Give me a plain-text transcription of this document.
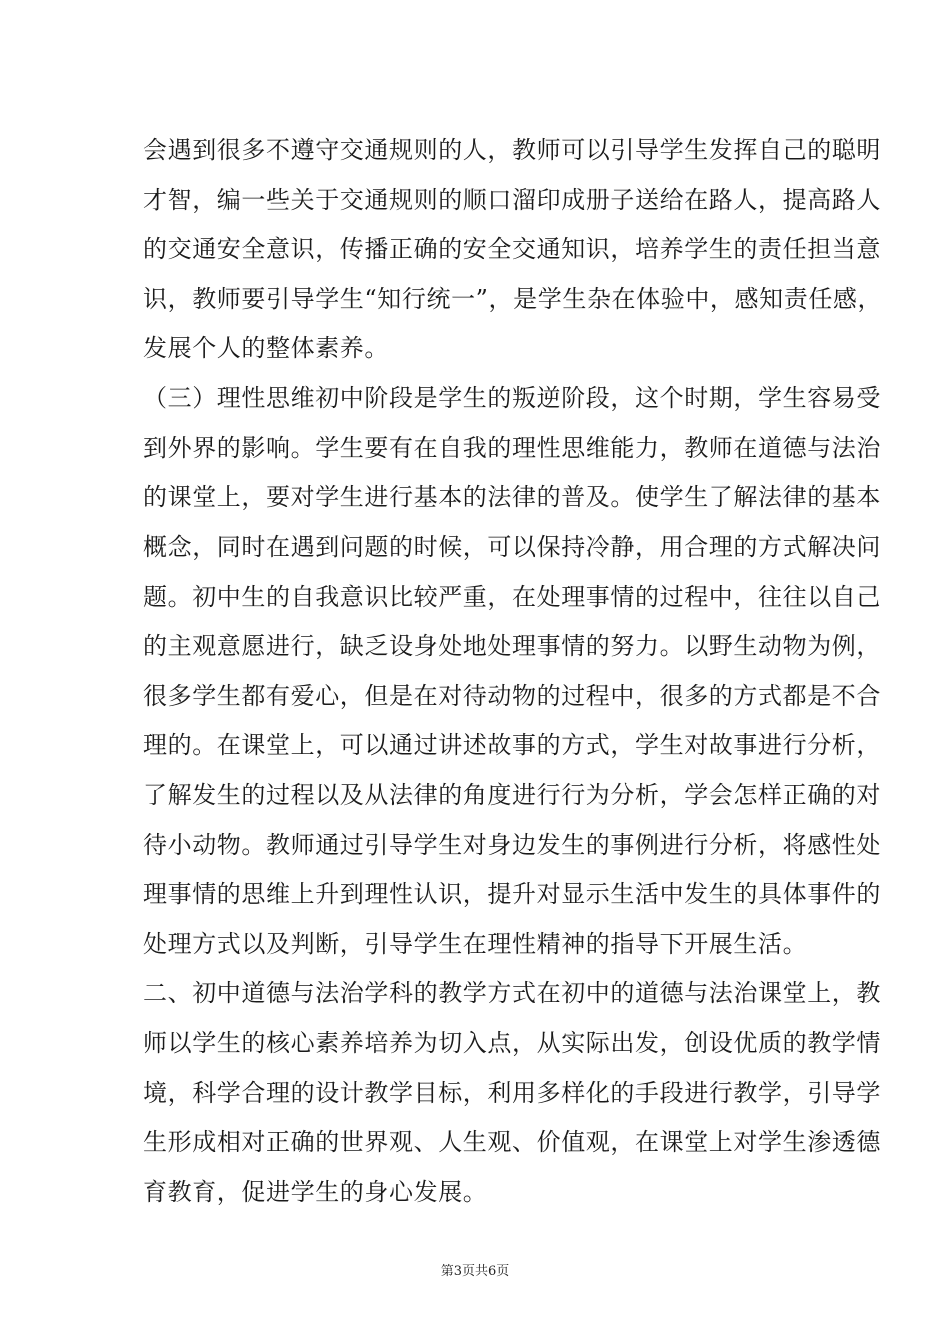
会遇到很多不遵守交通规则的人，教师可以引导学生发挥自己的聪明
才智，编一些关于交通规则的顺口溜印成册子送给在路人，提高路人
的交通安全意识，传播正确的安全交通知识，培养学生的责任担当意
识，教师要引导学生“知行统一”，是学生杂在体验中，感知责任感，
发展个人的整体素养。
（三）理性思维初中阶段是学生的叛逆阶段，这个时期，学生容易受
到外界的影响。学生要有在自我的理性思维能力，教师在道德与法治
的课堂上，要对学生进行基本的法律的普及。使学生了解法律的基本
概念，同时在遇到问题的时候，可以保持冷静，用合理的方式解决问
题。初中生的自我意识比较严重，在处理事情的过程中，往往以自己
的主观意愿进行，缺乏设身处地处理事情的努力。以野生动物为例，
很多学生都有爱心，但是在对待动物的过程中，很多的方式都是不合
理的。在课堂上，可以通过讲述故事的方式，学生对故事进行分析，
了解发生的过程以及从法律的角度进行行为分析，学会怎样正确的对
待小动物。教师通过引导学生对身边发生的事例进行分析，将感性处
理事情的思维上升到理性认识，提升对显示生活中发生的具体事件的
处理方式以及判断，引导学生在理性精神的指导下开展生活。
二、初中道德与法治学科的教学方式在初中的道德与法治课堂上，教
师以学生的核心素养培养为切入点，从实际出发，创设优质的教学情
境，科学合理的设计教学目标，利用多样化的手段进行教学，引导学
生形成相对正确的世界观、人生观、价值观，在课堂上对学生渗透德
育教育，促进学生的身心发展。
第3页共6页
